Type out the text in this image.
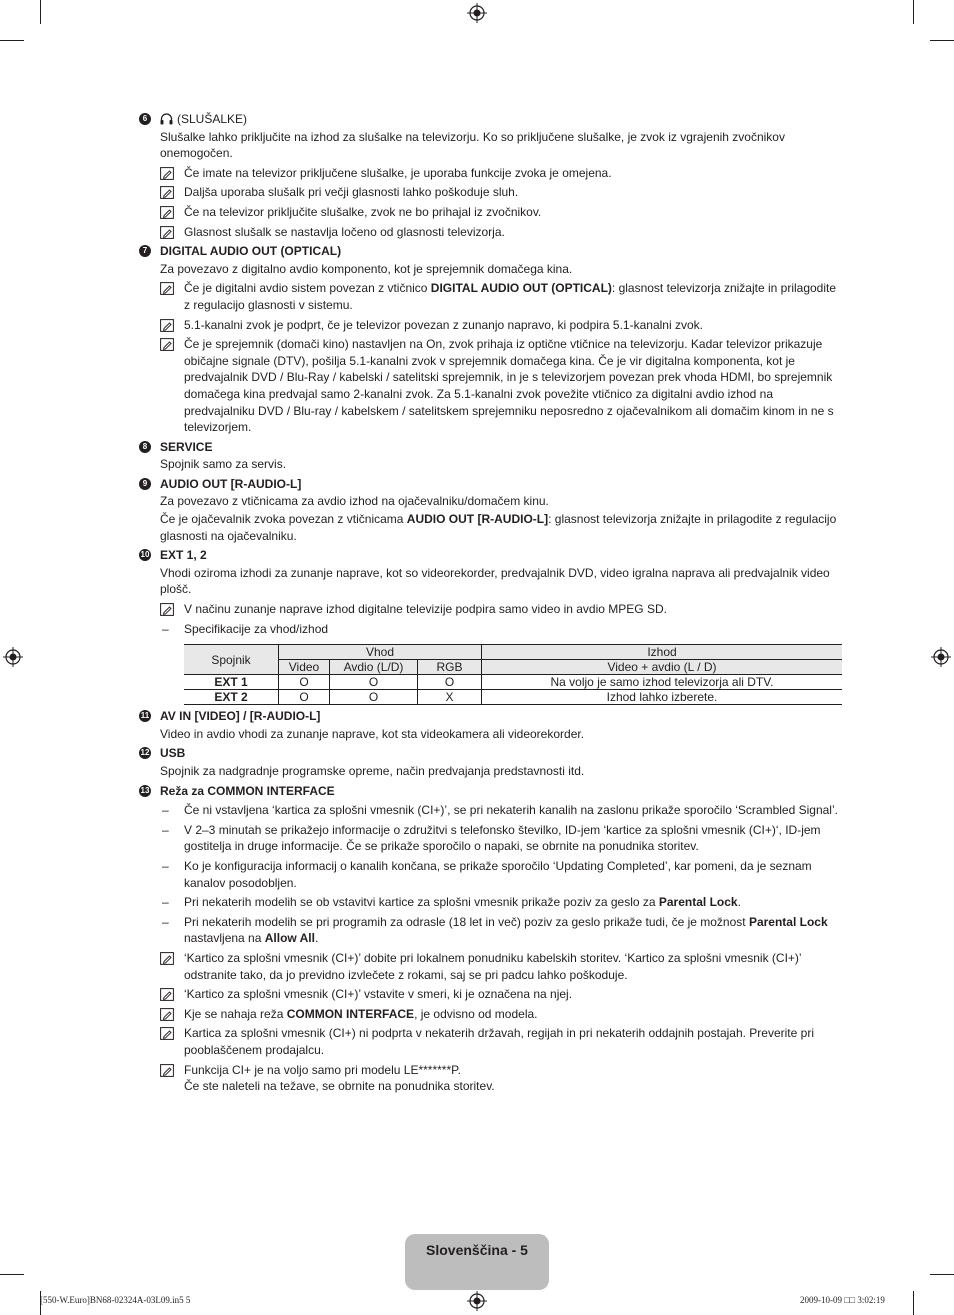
6	(SLUŠALKE)
Slušalke lahko priključite na izhod za slušalke na televizorju. Ko so priključene slušalke, je zvok iz vgrajenih zvočnikov onemogočen.
Če imate na televizor priključene slušalke, je uporaba funkcije zvoka je omejena.
Daljša uporaba slušalk pri večji glasnosti lahko poškoduje sluh.
Če na televizor priključite slušalke, zvok ne bo prihajal iz zvočnikov.
Glasnost slušalk se nastavlja ločeno od glasnosti televizorja.
7	DIGITAL AUDIO OUT (OPTICAL)
Za povezavo z digitalno avdio komponento, kot je sprejemnik domačega kina.
Če je digitalni avdio sistem povezan z vtičnico DIGITAL AUDIO OUT (OPTICAL): glasnost televizorja znižajte in prilagodite z regulacijo glasnosti v sistemu.
5.1-kanalni zvok je podprt, če je televizor povezan z zunanjo napravo, ki podpira 5.1-kanalni zvok.
Če je sprejemnik (domači kino) nastavljen na On, zvok prihaja iz optične vtičnice na televizorju. Kadar televizor prikazuje običajne signale (DTV), pošilja 5.1-kanalni zvok v sprejemnik domačega kina. Če je vir digitalna komponenta, kot je predvajalnik DVD / Blu-Ray / kabelski / satelitski sprejemnik, in je s televizorjem povezan prek vhoda HDMI, bo sprejemnik domačega kina predvajal samo 2-kanalni zvok. Za 5.1-kanalni zvok povežite vtičnico za digitalni avdio izhod na predvajalniku DVD / Blu-ray / kabelskem / satelitskem sprejemniku neposredno z ojačevalnikom ali domačim kinom in ne s televizorjem.
8	SERVICE
Spojnik samo za servis.
9	AUDIO OUT [R-AUDIO-L]
Za povezavo z vtičnicama za avdio izhod na ojačevalniku/domačem kinu.
Če je ojačevalnik zvoka povezan z vtičnicama AUDIO OUT [R-AUDIO-L]: glasnost televizorja znižajte in prilagodite z regulacijo glasnosti na ojačevalniku.
10 EXT 1, 2
Vhodi oziroma izhodi za zunanje naprave, kot so videorekorder, predvajalnik DVD, video igralna naprava ali predvajalnik video plošč.
V načinu zunanje naprave izhod digitalne televizije podpira samo video in avdio MPEG SD.
– Specifikacije za vhod/izhod
Spojnik	Vhod			Izhod
	Video	Avdio (L/D)	RGB	Video + avdio (L / D)
EXT 1	O	O	O	Na voljo je samo izhod televizorja ali DTV.
EXT 2	O	O	X	Izhod lahko izberete.
11 AV IN [VIDEO] / [R-AUDIO-L]
Video in avdio vhodi za zunanje naprave, kot sta videokamera ali videorekorder.
12 USB
Spojnik za nadgradnje programske opreme, način predvajanja predstavnosti itd.
13 Reža za COMMON INTERFACE
– Če ni vstavljena ‘kartica za splošni vmesnik (CI+)’, se pri nekaterih kanalih na zaslonu prikaže sporočilo ‘Scrambled Signal’.
– V 2–3 minutah se prikažejo informacije o združitvi s telefonsko številko, ID-jem ‘kartice za splošni vmesnik (CI+)‘, ID-jem gostitelja in druge informacije. Če se prikaže sporočilo o napaki, se obrnite na ponudnika storitev.
– Ko je konfiguracija informacij o kanalih končana, se prikaže sporočilo ‘Updating Completed’, kar pomeni, da je seznam kanalov posodobljen.
– Pri nekaterih modelih se ob vstavitvi kartice za splošni vmesnik prikaže poziv za geslo za Parental Lock.
– Pri nekaterih modelih se pri programih za odrasle (18 let in več) poziv za geslo prikaže tudi, če je možnost Parental Lock nastavljena na Allow All.
‘Kartico za splošni vmesnik (CI+)’ dobite pri lokalnem ponudniku kabelskih storitev. ‘Kartico za splošni vmesnik (CI+)’ odstranite tako, da jo previdno izvlečete z rokami, saj se pri padcu lahko poškoduje.
‘Kartico za splošni vmesnik (CI+)’ vstavite v smeri, ki je označena na njej.
Kje se nahaja reža COMMON INTERFACE, je odvisno od modela.
Kartica za splošni vmesnik (CI+) ni podprta v nekaterih državah, regijah in pri nekaterih oddajnih postajah. Preverite pri pooblaščenem prodajalcu.
Funkcija CI+ je na voljo samo pri modelu LE*******P.
Če ste naleteli na težave, se obrnite na ponudnika storitev.
Slovenščina - 5
[550-W.Euro]BN68-02324A-03L09.in5 5	2009-10-09 □□ 3:02:19
